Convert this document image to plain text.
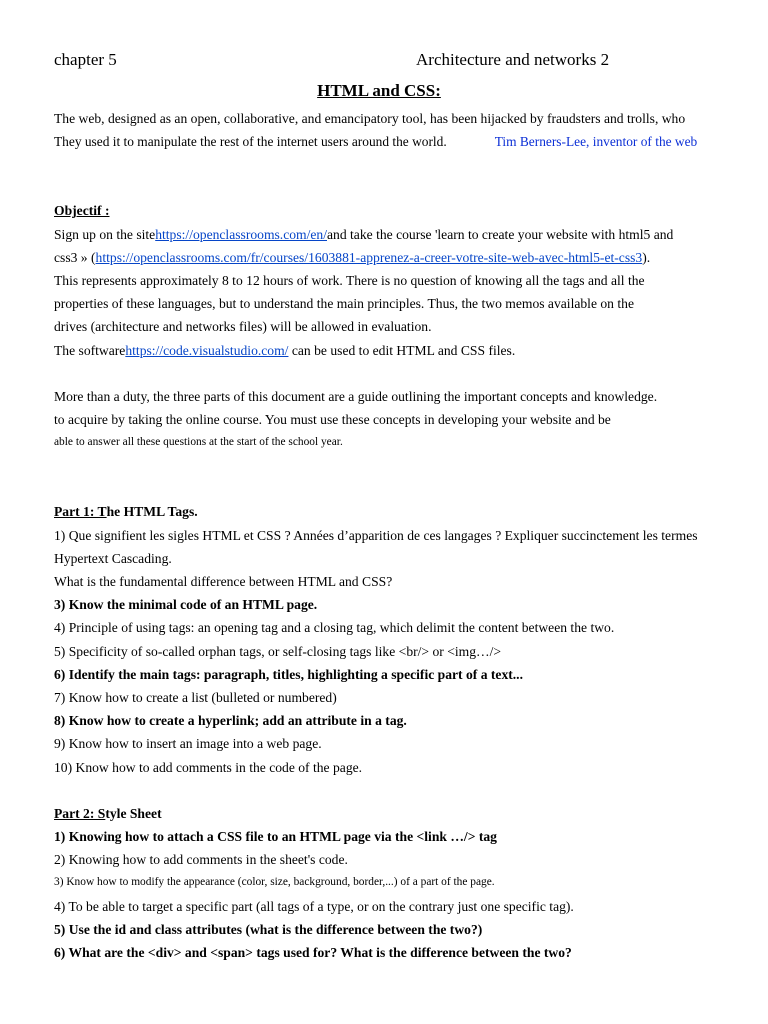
chapter 5	Architecture and networks 2
HTML and CSS:
The web, designed as an open, collaborative, and emancipatory tool, has been hijacked by fraudsters and trolls, who
They used it to manipulate the rest of the internet users around the world.	Tim Berners-Lee, inventor of the web
Objectif :
Sign up on the sitehttps://openclassrooms.com/en/and take the course 'learn to create your website with html5 and
css3 » (https://openclassrooms.com/fr/courses/1603881-apprenez-a-creer-votre-site-web-avec-html5-et-css3).
This represents approximately 8 to 12 hours of work. There is no question of knowing all the tags and all the
properties of these languages, but to understand the main principles. Thus, the two memos available on the
drives (architecture and networks files) will be allowed in evaluation.
The softwarehttps://code.visualstudio.com/ can be used to edit HTML and CSS files.
More than a duty, the three parts of this document are a guide outlining the important concepts and knowledge.
to acquire by taking the online course. You must use these concepts in developing your website and be
able to answer all these questions at the start of the school year.
Part 1: The HTML Tags.
1) Que signifient les sigles HTML et CSS ? Années d’apparition de ces langages ? Expliquer succinctement les termes
Hypertext Cascading.
What is the fundamental difference between HTML and CSS?
3) Know the minimal code of an HTML page.
4) Principle of using tags: an opening tag and a closing tag, which delimit the content between the two.
5) Specificity of so-called orphan tags, or self-closing tags like <br/> or <img…/>
6) Identify the main tags: paragraph, titles, highlighting a specific part of a text...
7) Know how to create a list (bulleted or numbered)
8) Know how to create a hyperlink; add an attribute in a tag.
9) Know how to insert an image into a web page.
10) Know how to add comments in the code of the page.
Part 2: Style Sheet
1) Knowing how to attach a CSS file to an HTML page via the <link …/> tag
2) Knowing how to add comments in the sheet's code.
3) Know how to modify the appearance (color, size, background, border,...) of a part of the page.
4) To be able to target a specific part (all tags of a type, or on the contrary just one specific tag).
5) Use the id and class attributes (what is the difference between the two?)
6) What are the <div> and <span> tags used for? What is the difference between the two?
